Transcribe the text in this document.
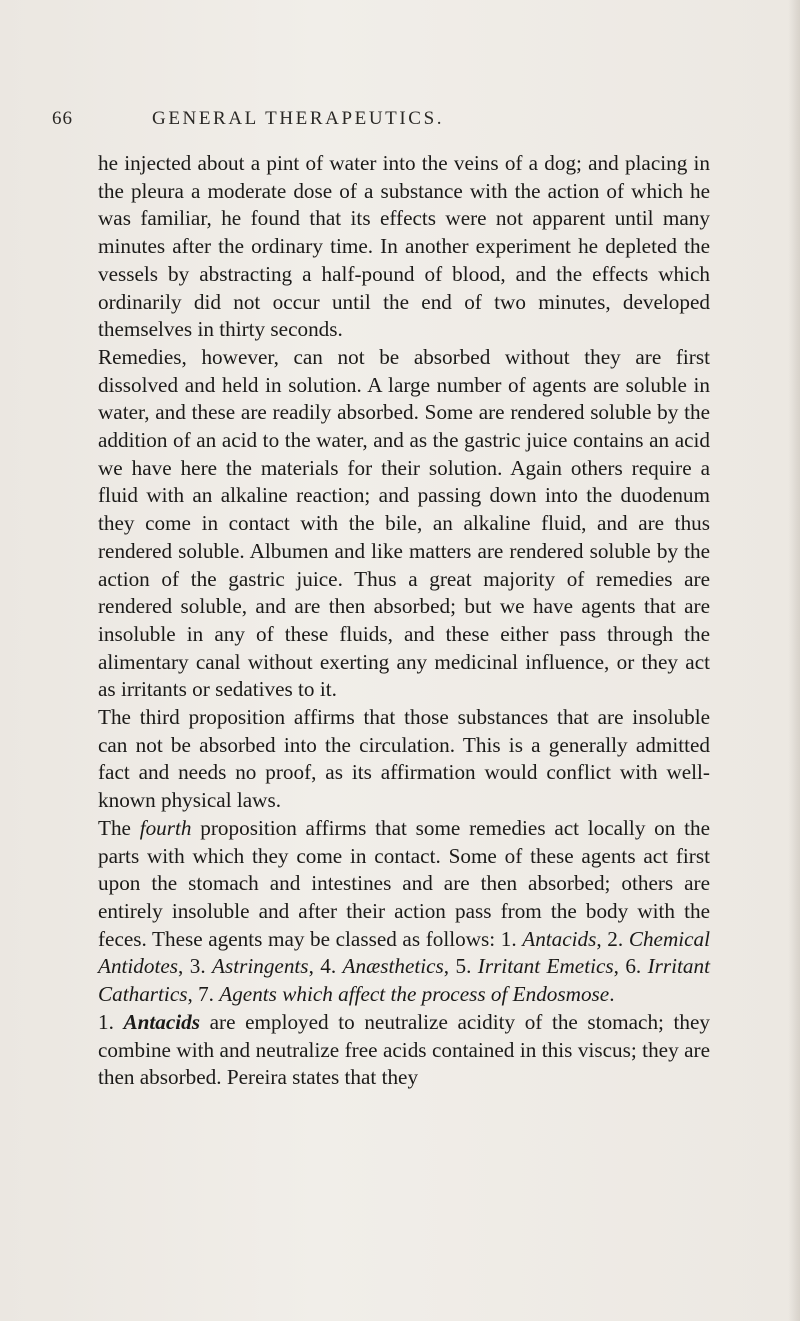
66	GENERAL THERAPEUTICS.

he injected about a pint of water into the veins of a dog; and placing in the pleura a moderate dose of a substance with the action of which he was familiar, he found that its effects were not apparent until many minutes after the ordinary time. In another experiment he depleted the vessels by abstracting a half-pound of blood, and the effects which ordinarily did not occur until the end of two minutes, developed themselves in thirty seconds.

Remedies, however, can not be absorbed without they are first dissolved and held in solution. A large number of agents are soluble in water, and these are readily absorbed. Some are rendered soluble by the addition of an acid to the water, and as the gastric juice contains an acid we have here the materials for their solution. Again others require a fluid with an alkaline reaction; and passing down into the duodenum they come in contact with the bile, an alkaline fluid, and are thus rendered soluble. Albumen and like matters are rendered soluble by the action of the gastric juice. Thus a great majority of remedies are rendered soluble, and are then absorbed; but we have agents that are insoluble in any of these fluids, and these either pass through the alimentary canal without exerting any medicinal influence, or they act as irritants or sedatives to it.

The third proposition affirms that those substances that are insoluble can not be absorbed into the circulation. This is a generally admitted fact and needs no proof, as its affirmation would conflict with well-known physical laws.

The fourth proposition affirms that some remedies act locally on the parts with which they come in contact. Some of these agents act first upon the stomach and intestines and are then absorbed; others are entirely insoluble and after their action pass from the body with the feces. These agents may be classed as follows: 1. Antacids, 2. Chemical Antidotes, 3. Astringents, 4. Anæsthetics, 5. Irritant Emetics, 6. Irritant Cathartics, 7. Agents which affect the process of Endosmose.

1. Antacids are employed to neutralize acidity of the stomach; they combine with and neutralize free acids contained in this viscus; they are then absorbed. Pereira states that they
